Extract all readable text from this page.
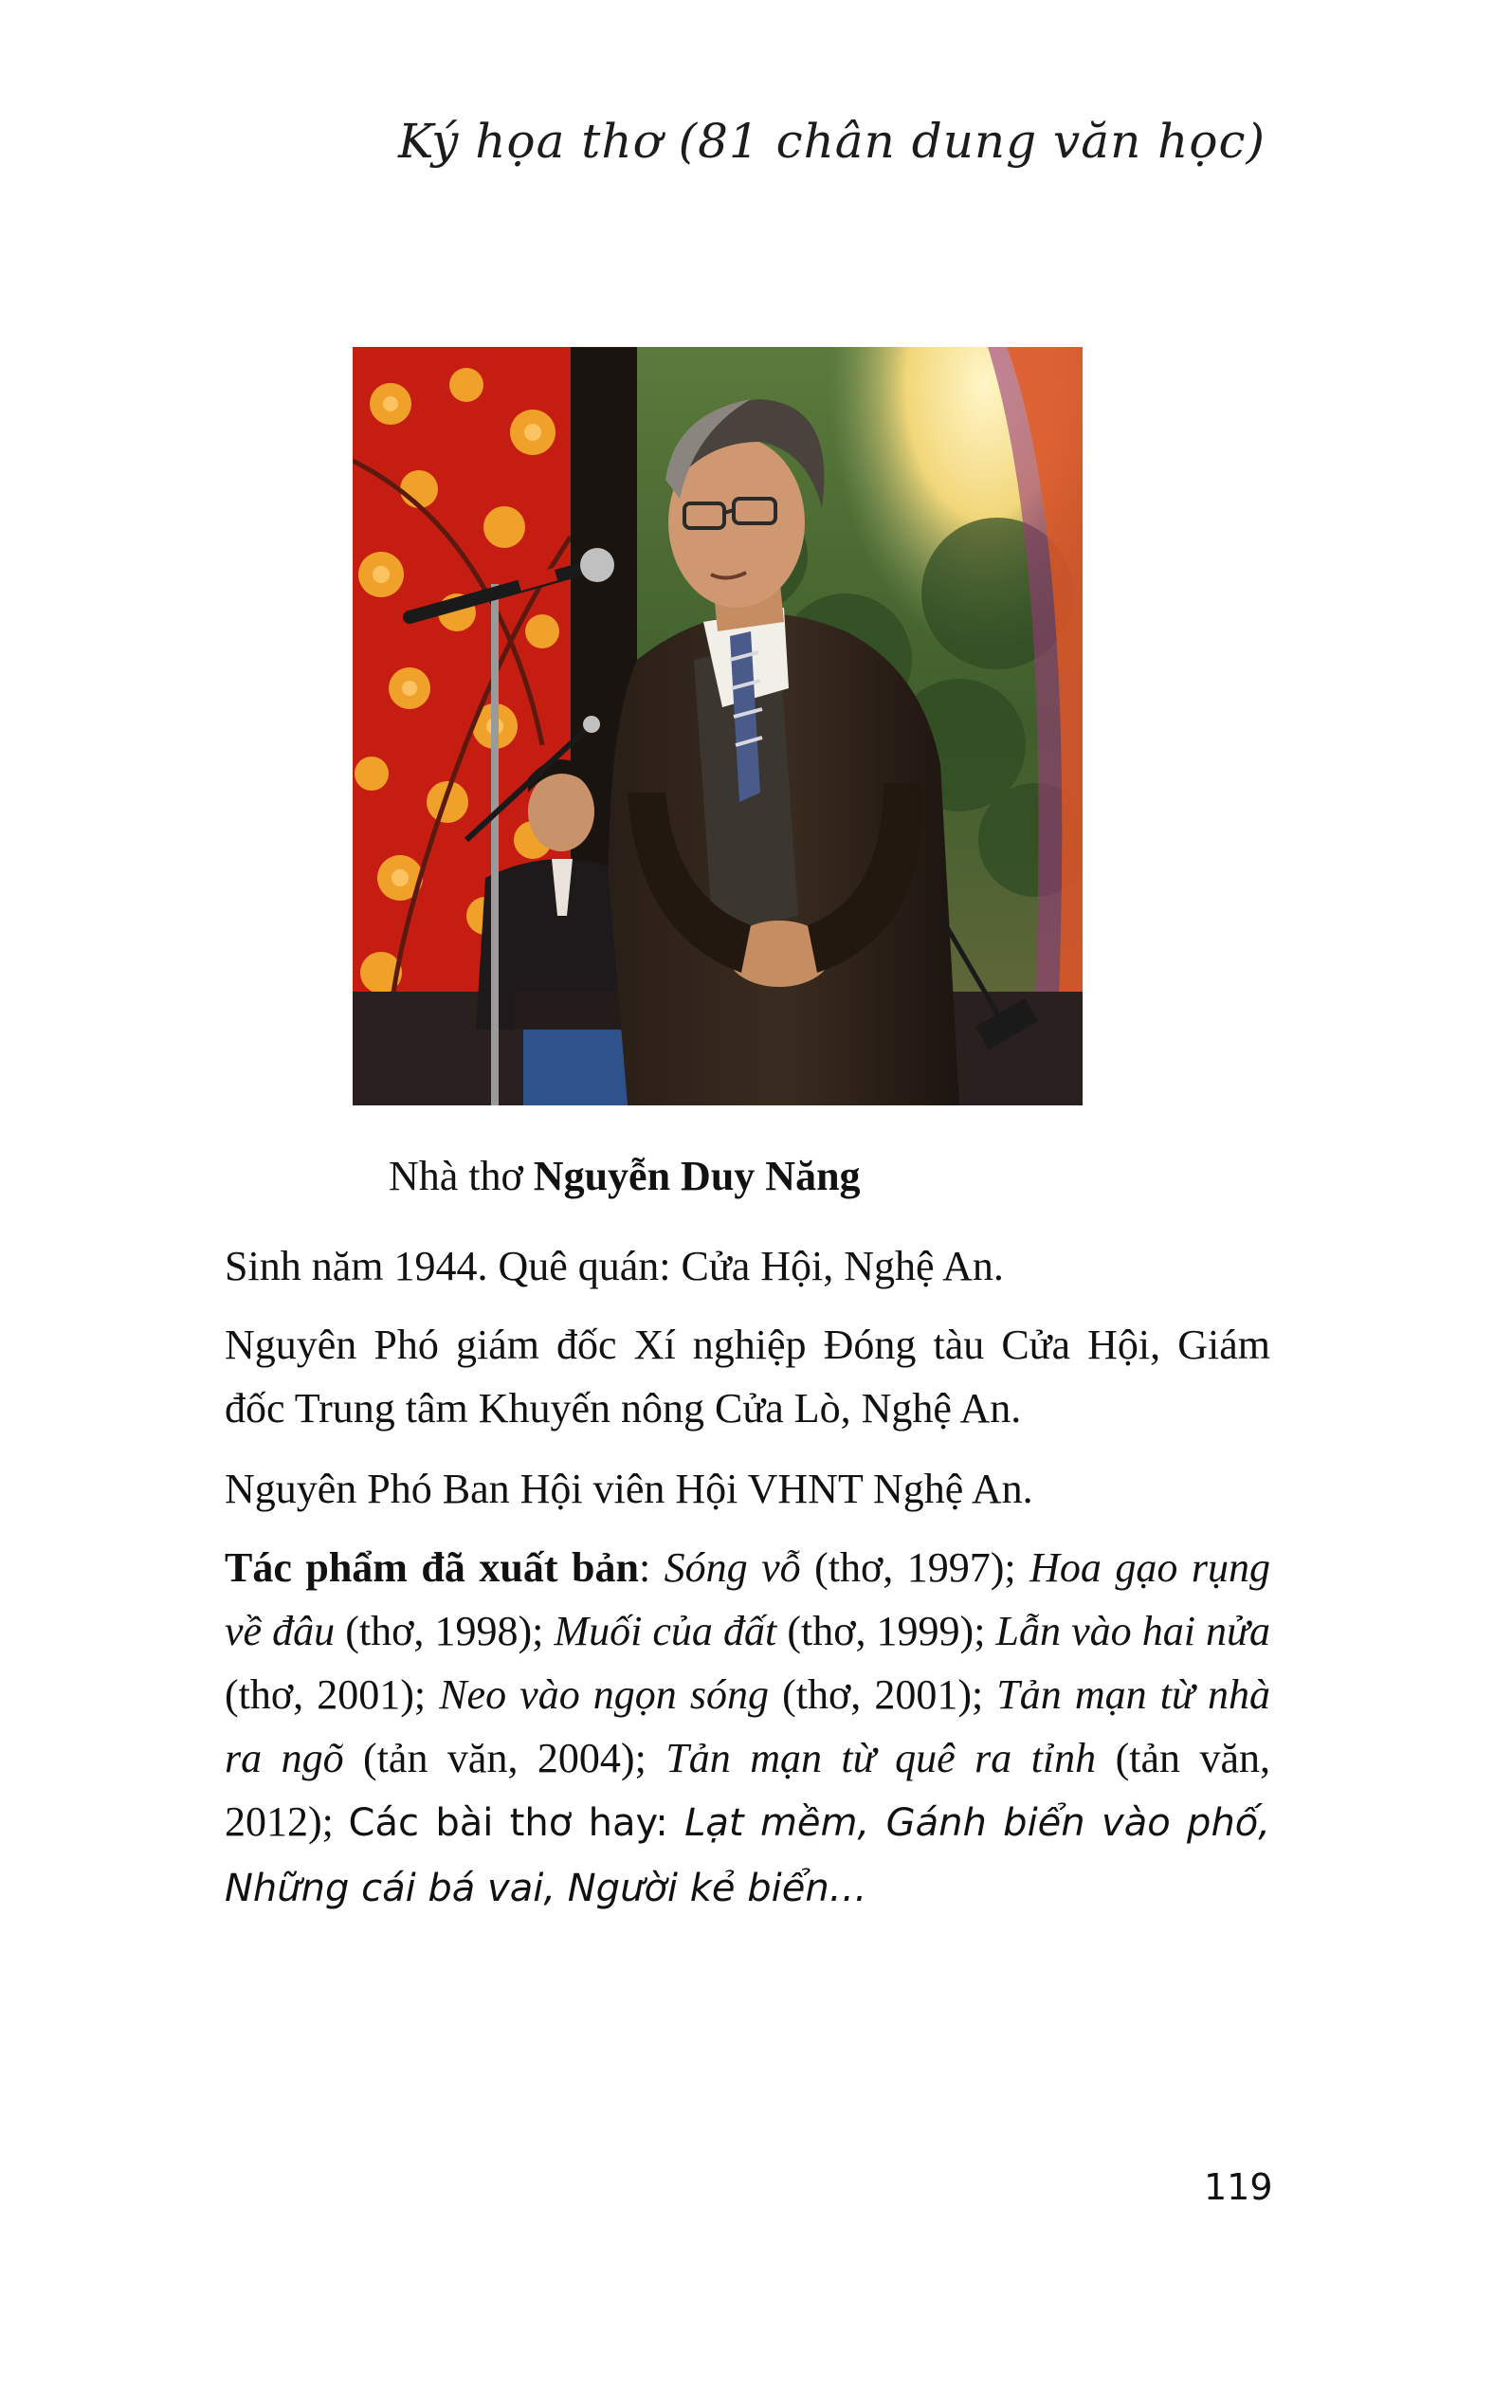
Ký họa thơ (81 chân dung văn học)
Nhà thơ Nguyễn Duy Năng
Sinh năm 1944. Quê quán: Cửa Hội, Nghệ An.
Nguyên Phó giám đốc Xí nghiệp Đóng tàu Cửa Hội, Giám đốc Trung tâm Khuyến nông Cửa Lò, Nghệ An.
Nguyên Phó Ban Hội viên Hội VHNT Nghệ An.
Tác phẩm đã xuất bản: Sóng vỗ (thơ, 1997); Hoa gạo rụng về đâu (thơ, 1998); Muối của đất (thơ, 1999); Lẫn vào hai nửa (thơ, 2001); Neo vào ngọn sóng (thơ, 2001); Tản mạn từ nhà ra ngõ (tản văn, 2004); Tản mạn từ quê ra tỉnh (tản văn, 2012); Các bài thơ hay: Lạt mềm, Gánh biển vào phố, Những cái bá vai, Người kẻ biển…
119
